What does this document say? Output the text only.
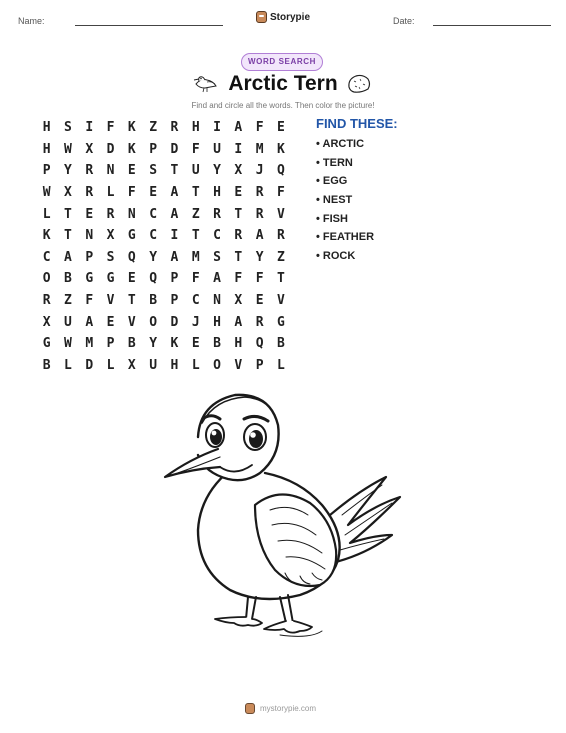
Name:	Storypie	Date:
WORD SEARCH
Arctic Tern
Find and circle all the words. Then color the picture!
H	S	I	F	K	Z	R	H	I	A	F	E
H	W	X	D	K	P	D	F	U	I	M	K
P	Y	R	N	E	S	T	U	Y	X	J	Q
W	X	R	L	F	E	A	T	H	E	R	F
L	T	E	R	N	C	A	Z	R	T	R	V
K	T	N	X	G	C	I	T	C	R	A	R
C	A	P	S	Q	Y	A	M	S	T	Y	Z
O	B	G	G	E	Q	P	F	A	F	F	T
R	Z	F	V	T	B	P	C	N	X	E	V
X	U	A	E	V	O	D	J	H	A	R	G
G	W	M	P	B	Y	K	E	B	H	Q	B
B	L	D	L	X	U	H	L	O	V	P	L
FIND THESE:
• ARCTIC
• TERN
• EGG
• NEST
• FISH
• FEATHER
• ROCK
mystorypie.com
